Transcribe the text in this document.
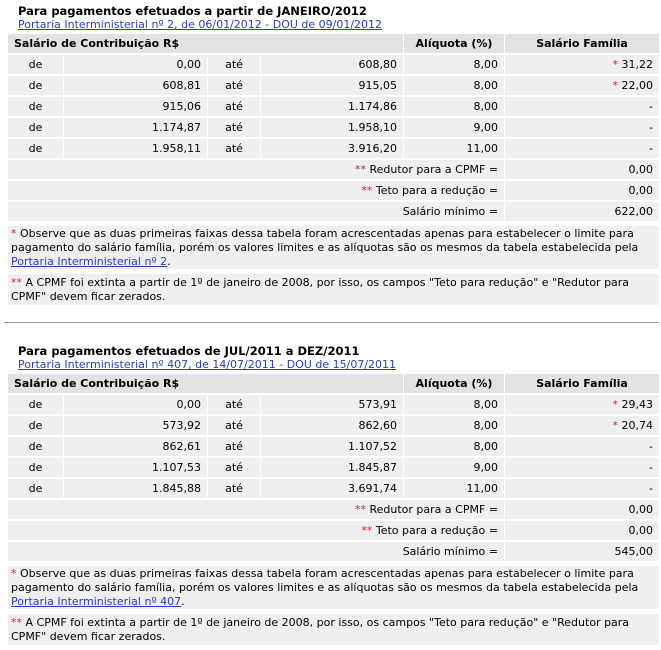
Para pagamentos efetuados a partir de JANEIRO/2012
Portaria Interministerial nº 2, de 06/01/2012 - DOU de 09/01/2012
Salário de Contribuição R$	Alíquota (%)	Salário Família
de	0,00	até	608,80	8,00	* 31,22
de	608,81	até	915,05	8,00	* 22,00
de	915,06	até	1.174,86	8,00	-
de	1.174,87	até	1.958,10	9,00	-
de	1.958,11	até	3.916,20	11,00	-
** Redutor para a CPMF =	0,00
** Teto para a redução =	0,00
Salário mínimo =	622,00
* Observe que as duas primeiras faixas dessa tabela foram acrescentadas apenas para estabelecer o limite para pagamento do salário família, porém os valores limites e as alíquotas são os mesmos da tabela estabelecida pela Portaria Interministerial nº 2.
** A CPMF foi extinta a partir de 1º de janeiro de 2008, por isso, os campos "Teto para redução" e "Redutor para CPMF" devem ficar zerados.
Para pagamentos efetuados de JUL/2011 a DEZ/2011
Portaria Interministerial nº 407, de 14/07/2011 - DOU de 15/07/2011
Salário de Contribuição R$	Alíquota (%)	Salário Família
de	0,00	até	573,91	8,00	* 29,43
de	573,92	até	862,60	8,00	* 20,74
de	862,61	até	1.107,52	8,00	-
de	1.107,53	até	1.845,87	9,00	-
de	1.845,88	até	3.691,74	11,00	-
** Redutor para a CPMF =	0,00
** Teto para a redução =	0,00
Salário mínimo =	545,00
* Observe que as duas primeiras faixas dessa tabela foram acrescentadas apenas para estabelecer o limite para pagamento do salário família, porém os valores limites e as alíquotas são os mesmos da tabela estabelecida pela Portaria Interministerial nº 407.
** A CPMF foi extinta a partir de 1º de janeiro de 2008, por isso, os campos "Teto para redução" e "Redutor para CPMF" devem ficar zerados.
